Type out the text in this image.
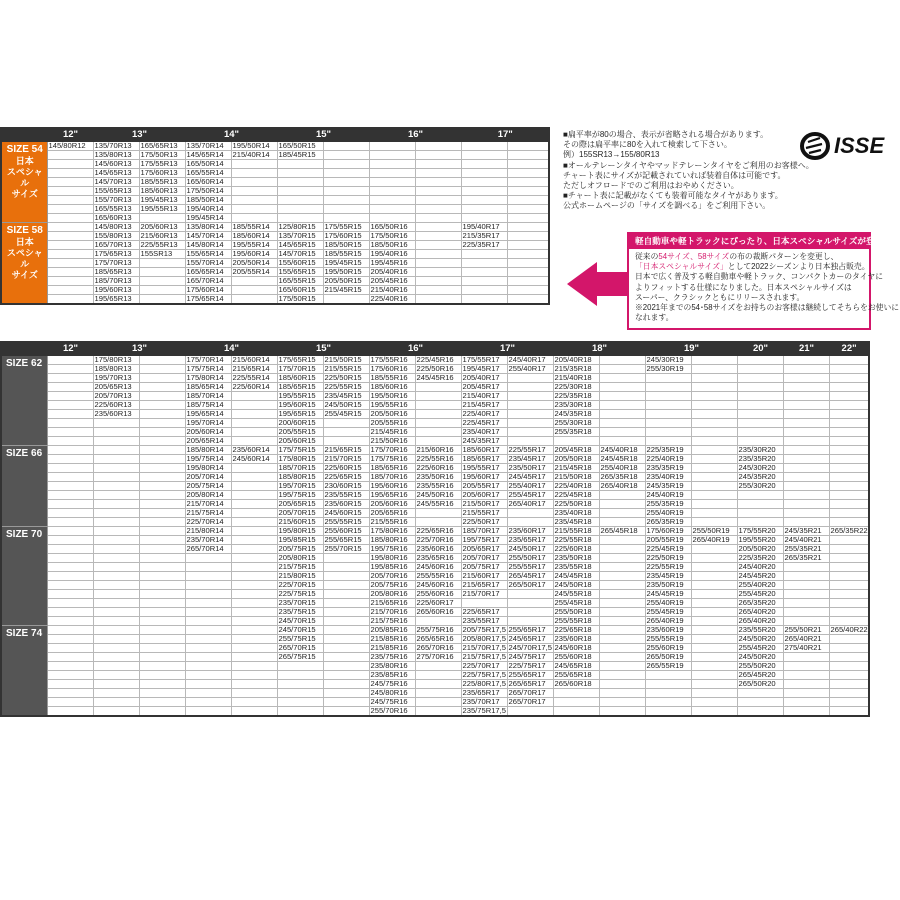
	12"	13"		14"		15"		16"		17"	

SIZE 54
日本
スペシャル
サイズ	145/80R12	135/70R13	165/65R13	135/70R14	195/50R14	165/50R15					
		135/80R13	175/50R13	145/65R14	215/40R14	185/45R15					
		145/60R13	175/55R13	165/50R14							
		145/65R13	175/60R13	165/55R14							
		145/70R13	185/55R13	165/60R14							
		155/65R13	185/60R13	175/50R14							
		155/70R13	195/45R13	185/50R14							
		165/55R13	195/55R13	195/40R14							
		165/60R13		195/45R14							

SIZE 58
日本
スペシャル
サイズ		145/80R13	205/60R13	135/80R14	185/55R14	125/80R15	175/55R15	165/50R16		195/40R17	
		155/80R13	215/60R13	145/70R14	185/60R14	135/70R15	175/60R15	175/50R16		215/35R17	
		165/70R13	225/55R13	145/80R14	195/55R14	145/65R15	185/50R15	185/50R16		225/35R17	
		175/65R13	155SR13	155/65R14	195/60R14	145/70R15	185/55R15	195/40R16			
		175/70R13		155/70R14	205/50R14	155/60R15	195/45R15	195/45R16			
		185/65R13		165/65R14	205/55R14	155/65R15	195/50R15	205/40R16			
		185/70R13		165/70R14		165/55R15	205/50R15	205/45R16			
		195/60R13		175/60R14		165/60R15	215/45R15	215/40R16			
		195/65R13		175/65R14		175/50R15		225/40R16			
■扁平率が80の場合、表示が省略される場合があります。
その際は扁平率に80を入れて検索して下さい。
例）155SR13→155/80R13
■オールテレーンタイヤやマッドテレーンタイヤをご利用のお客様へ。
チャート表にサイズが記載されていれば装着自体は可能です。
ただしオフロードでのご利用はおやめください。
■チャート表に記載がなくても装着可能なタイヤがあります。
公式ホームページの「サイズを調べる」をご利用下さい。
ISSE
軽自動車や軽トラックにぴったり、日本スペシャルサイズが登場
従来の54サイズ、58サイズの布の裁断パターンを変更し、
「日本スペシャルサイズ」として2022シーズンより日本独占販売。
日本で広く普及する軽自動車や軽トラック、コンパクトカーのタイヤに
よりフィットする仕様になりました。日本スペシャルサイズは
スーパー、クラシックともにリリースされます。
※2021年までの54･58サイズをお持ちのお客様は継続してそちらをお使いに
なれます。
	12"	13"		14"		15"		16"		17"		18"		19"		20"	21"	22"

SIZE 62		175/80R13		175/70R14	215/60R14	175/65R15	215/50R15	175/55R16	225/45R16	175/55R17	245/40R17	205/40R18		245/30R19				
		185/80R13		175/75R14	215/65R14	175/70R15	215/55R15	175/60R16	225/50R16	195/45R17	255/40R17	215/35R18		255/30R19				
		195/70R13		175/80R14	225/55R14	185/60R15	225/50R15	185/55R16	245/45R16	205/40R17		215/40R18						
		205/65R13		185/65R14	225/60R14	185/65R15	225/55R15	185/60R16		205/45R17		225/30R18						
		205/70R13		185/70R14		195/55R15	235/45R15	195/50R16		215/40R17		225/35R18						
		225/60R13		185/75R14		195/60R15	245/50R15	195/55R16		215/45R17		235/30R18						
		235/60R13		195/65R14		195/65R15	255/45R15	205/50R16		225/40R17		245/35R18						
				195/70R14		200/60R15		205/55R16		225/45R17		255/30R18						
				205/60R14		205/55R15		215/45R16		235/40R17		255/35R18						
				205/65R14		205/60R15		215/50R16		245/35R17								

SIZE 66				185/80R14	235/60R14	175/75R15	215/65R15	175/70R16	215/60R16	185/60R17	225/55R17	205/45R18	245/40R18	225/35R19		235/30R20		
				195/75R14	245/60R14	175/80R15	215/70R15	175/75R16	225/55R16	185/65R17	235/45R17	205/50R18	245/45R18	225/40R19		235/35R20		
				195/80R14		185/70R15	225/60R15	185/65R16	225/60R16	195/55R17	235/50R17	215/45R18	255/40R18	235/35R19		245/30R20		
				205/70R14		185/80R15	225/65R15	185/70R16	235/50R16	195/60R17	245/45R17	215/50R18	265/35R18	235/40R19		245/35R20		
				205/75R14		195/70R15	230/60R15	195/60R16	235/55R16	205/55R17	255/40R17	225/40R18	265/40R18	245/35R19		255/30R20		
				205/80R14		195/75R15	235/55R15	195/65R16	245/50R16	205/60R17	255/45R17	225/45R18		245/40R19				
				215/70R14		205/65R15	235/60R15	205/60R16	245/55R16	215/50R17	265/40R17	225/50R18		255/35R19				
				215/75R14		205/70R15	245/60R15	205/65R16		215/55R17		235/40R18		255/40R19				
				225/70R14		215/60R15	255/55R15	215/55R16		225/50R17		235/45R18		265/35R19				

SIZE 70				215/80R14		195/80R15	255/60R15	175/80R16	225/65R16	185/70R17	235/60R17	215/55R18	265/45R18	175/60R19	255/50R19	175/55R20	245/35R21	265/35R22
				235/70R14		195/85R15	255/65R15	185/80R16	225/70R16	195/75R17	235/65R17	225/55R18		205/55R19	265/40R19	195/55R20	245/40R21	
				265/70R14		205/75R15	255/70R15	195/75R16	235/60R16	205/65R17	245/50R17	225/60R18		225/45R19		205/50R20	255/35R21	
						205/80R15		195/80R16	235/65R16	205/70R17	255/50R17	235/50R18		225/50R19		225/35R20	265/35R21	
						215/75R15		195/85R16	245/60R16	205/75R17	255/55R17	235/55R18		225/55R19		245/40R20		
						215/80R15		205/70R16	255/55R16	215/60R17	265/45R17	245/45R18		235/45R19		245/45R20		
						225/70R15		205/75R16	245/60R16	215/65R17	265/50R17	245/50R18		235/50R19		255/40R20		
						225/75R15		205/80R16	255/60R16	215/70R17		245/55R18		245/45R19		255/45R20		
						235/70R15		215/65R16	225/60R17			255/45R18		255/40R19		265/35R20		
						235/75R15		215/70R16	265/60R16	225/65R17		255/50R18		255/45R19		265/40R20		
						245/70R15		215/75R16		235/55R17		255/55R18		265/40R19		265/40R20		

SIZE 74						245/70R15		205/85R16	255/75R16	205/75R17,5	255/65R17	225/65R18		235/60R19		235/55R20	255/50R21	265/40R22
						255/75R15		215/85R16	265/65R16	205/80R17,5	245/65R17	235/60R18		255/55R19		245/50R20	265/40R21	
						265/70R15		215/85R16	265/70R16	215/70R17,5	245/70R17,5	245/60R18		255/60R19		255/45R20	275/40R21	
						265/75R15		235/75R16	275/70R16	215/75R17,5	245/75R17	255/60R18		265/50R19		245/50R20		
								235/80R16		225/70R17	225/75R17	245/65R18		265/55R19		255/50R20		
								235/85R16		225/75R17,5	255/65R17	255/65R18				265/45R20		
								245/75R16		225/80R17,5	265/65R17	265/60R18				265/50R20		
								245/80R16		235/65R17	265/70R17							
								245/75R16		235/70R17	265/70R17							
								255/70R16		235/75R17,5								
